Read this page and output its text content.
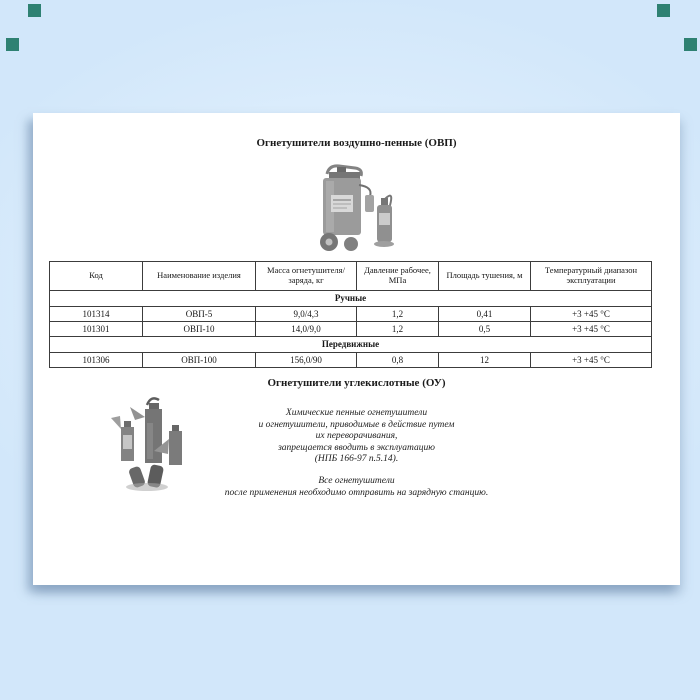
Огнетушители воздушно-пенные (ОВП)
Код	Наименование изделия	Масса огнетушителя/ заряда, кг	Давление рабочее, МПа	Площадь тушения, м	Температурный диапазон эксплуатации
Ручные					
101314	ОВП-5	9,0/4,3	1,2	0,41	+3 +45 °C
101301	ОВП-10	14,0/9,0	1,2	0,5	+3 +45 °C
Передвижные					
101306	ОВП-100	156,0/90	0,8	12	+3 +45 °C
Огнетушители углекислотные (ОУ)
Химические пенные огнетушители
и огнетушители, приводимые в действие путем
их переворачивания,
запрещается вводить в эксплуатацию
(НПБ 166-97 п.5.14).
Все огнетушители
после применения необходимо отправить на зарядную станцию.
